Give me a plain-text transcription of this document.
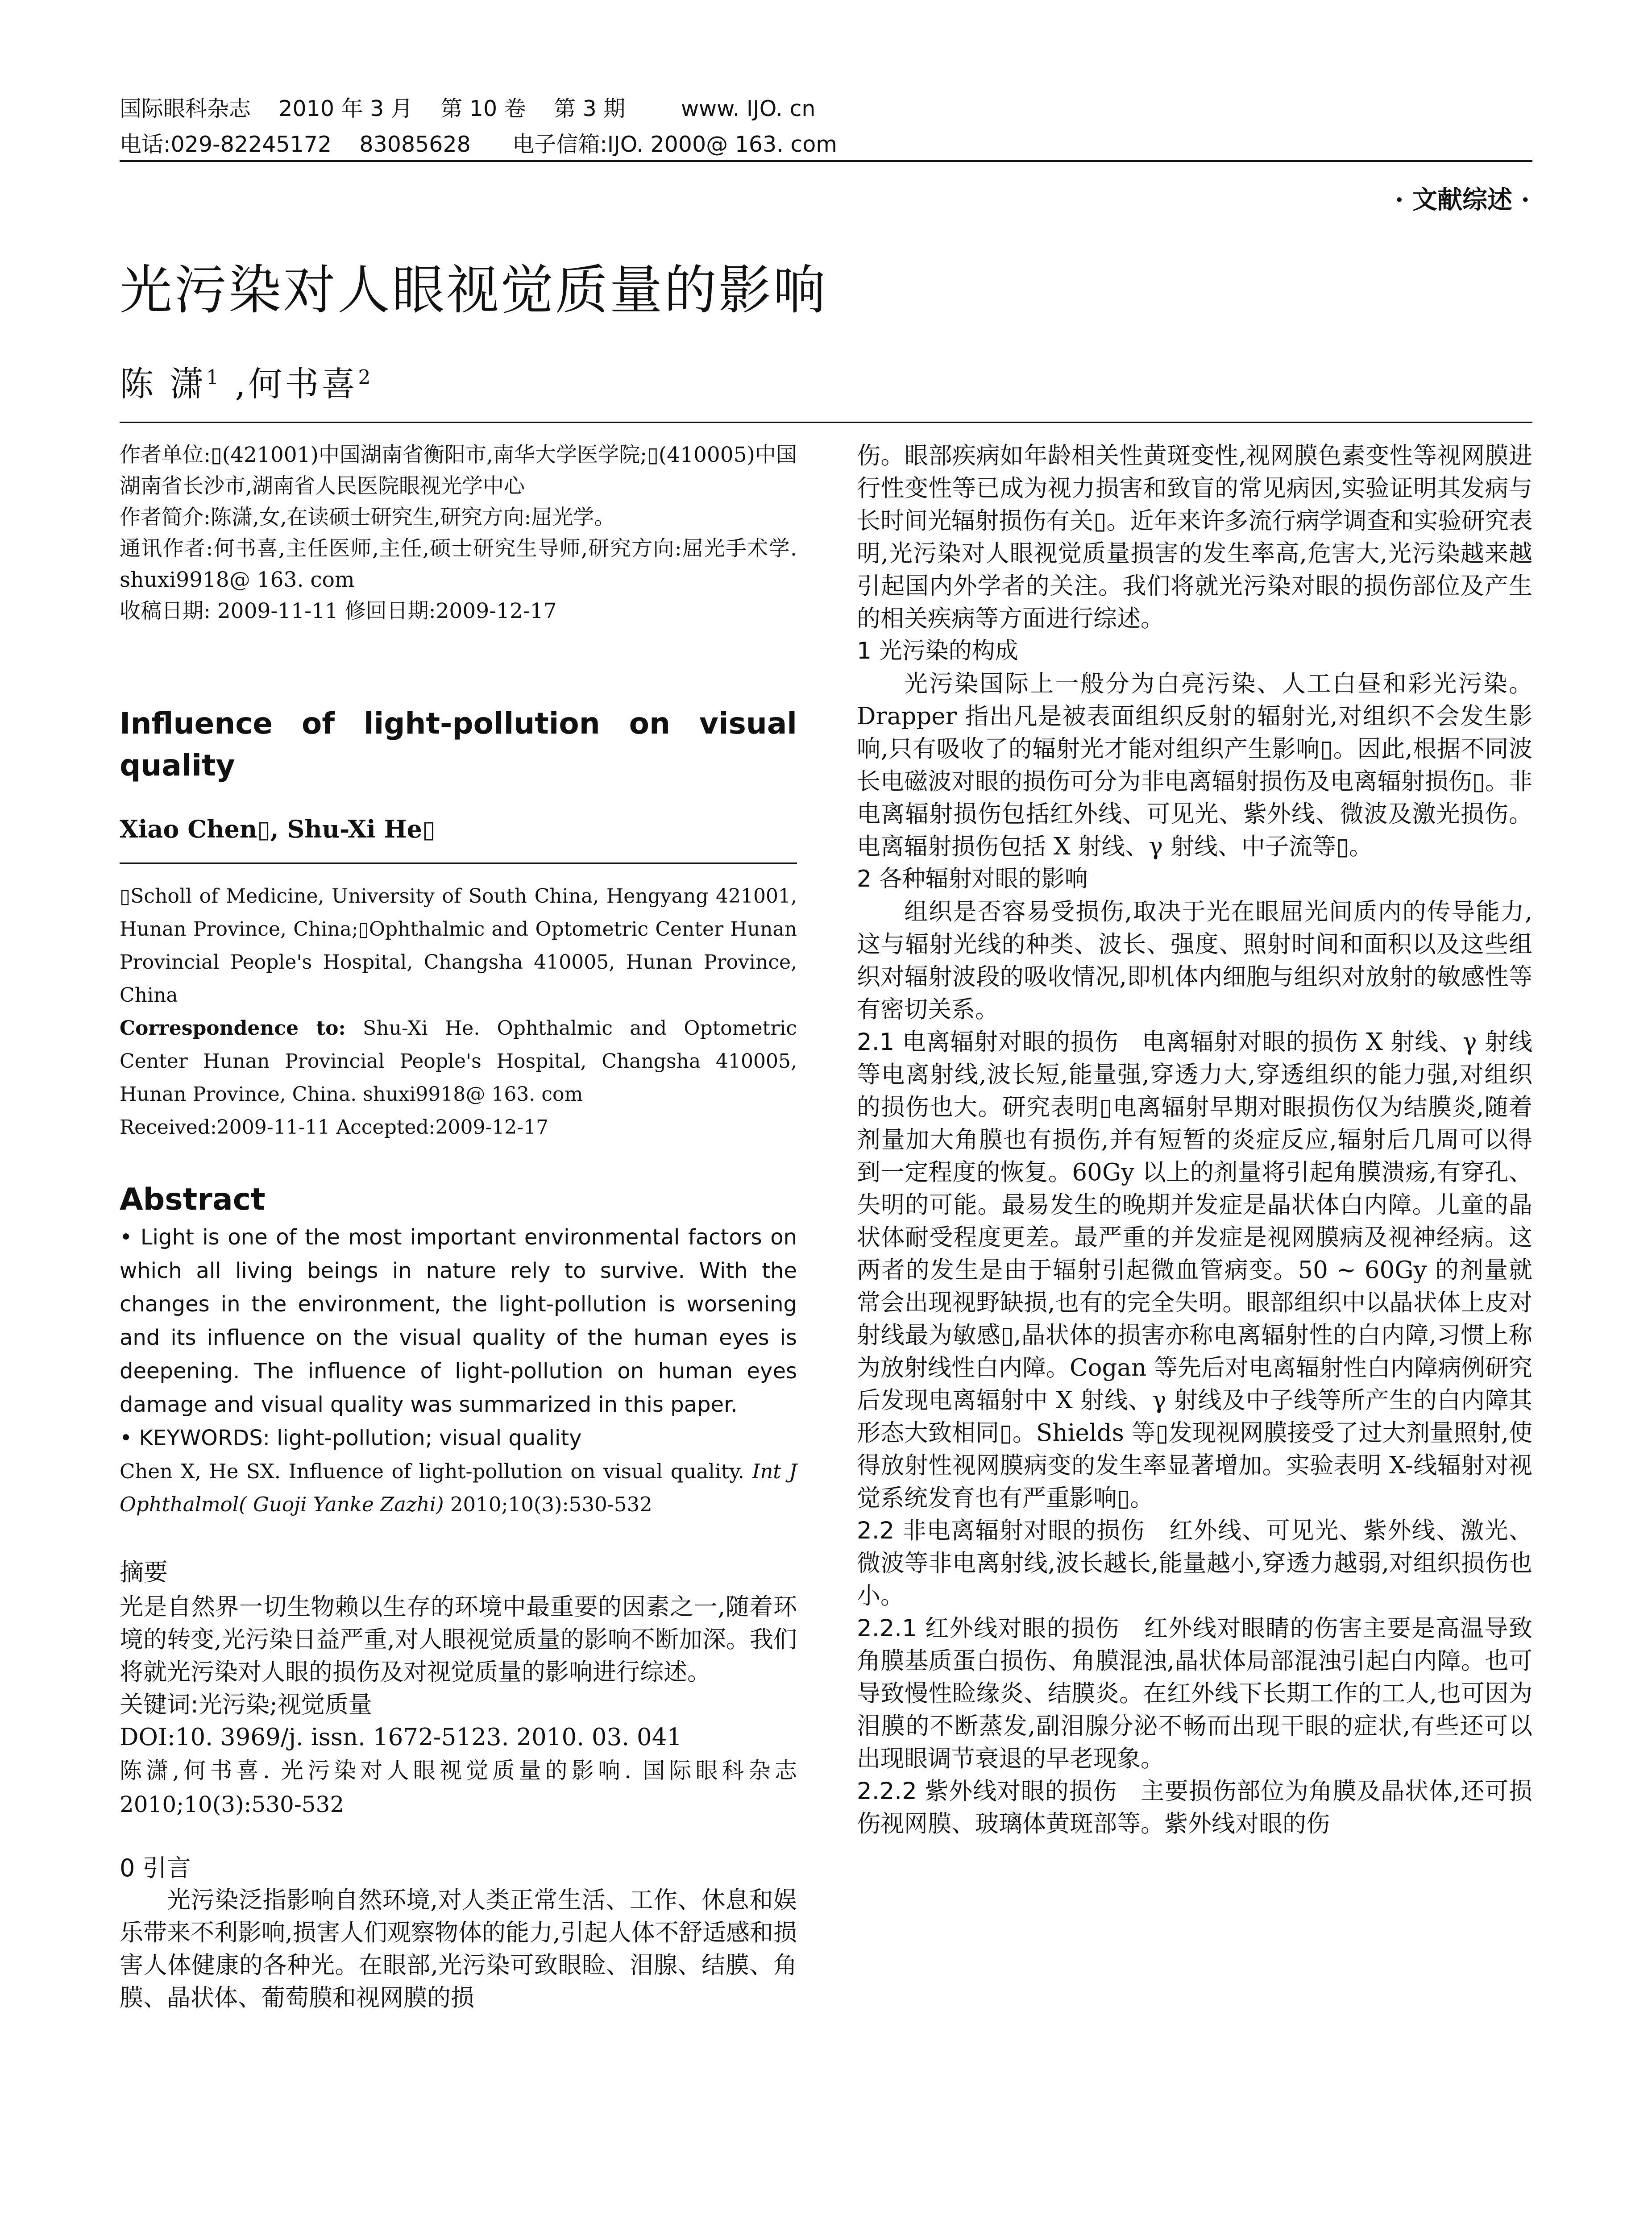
国际眼科杂志    2010 年 3 月    第 10 卷    第 3 期        www. IJO. cn
电话:029-82245172    83085628      电子信箱:IJO. 2000@ 163. com
· 文献综述 ·
光污染对人眼视觉质量的影响
陈 潇$^1$ ,何书喜$^2$

作者单位:▯(421001)中国湖南省衡阳市,南华大学医学院;▯(410005)中国湖南省长沙市,湖南省人民医院眼视光学中心

作者简介:陈潇,女,在读硕士研究生,研究方向:屈光学。

通讯作者:何书喜,主任医师,主任,硕士研究生导师,研究方向:屈光手术学. shuxi9918@ 163. com

收稿日期: 2009-11-11 修回日期:2009-12-17

Influence of light-pollution on visual quality
Xiao Chen▯, Shu-Xi He▯

▯Scholl of Medicine, University of South China, Hengyang 421001, Hunan Province, China;▯Ophthalmic and Optometric Center Hunan Provincial People's Hospital, Changsha 410005, Hunan Province, China

Correspondence to: Shu-Xi He. Ophthalmic and Optometric Center Hunan Provincial People's Hospital, Changsha 410005, Hunan Province, China. shuxi9918@ 163. com

Received:2009-11-11 Accepted:2009-12-17

Abstract

• Light is one of the most important environmental factors on which all living beings in nature rely to survive. With the changes in the environment, the light-pollution is worsening and its influence on the visual quality of the human eyes is deepening. The influence of light-pollution on human eyes damage and visual quality was summarized in this paper.

• KEYWORDS: light-pollution; visual quality

Chen X, He SX. Influence of light-pollution on visual quality. Int J Ophthalmol( Guoji Yanke Zazhi) 2010;10(3):530-532

摘要

光是自然界一切生物赖以生存的环境中最重要的因素之一,随着环境的转变,光污染日益严重,对人眼视觉质量的影响不断加深。我们将就光污染对人眼的损伤及对视觉质量的影响进行综述。

关键词:光污染;视觉质量

DOI:10. 3969/j. issn. 1672-5123. 2010. 03. 041

陈潇,何书喜. 光污染对人眼视觉质量的影响. 国际眼科杂志 2010;10(3):530-532

0 引言

光污染泛指影响自然环境,对人类正常生活、工作、休息和娱乐带来不利影响,损害人们观察物体的能力,引起人体不舒适感和损害人体健康的各种光。在眼部,光污染可致眼睑、泪腺、结膜、角膜、晶状体、葡萄膜和视网膜的损

伤。眼部疾病如年龄相关性黄斑变性,视网膜色素变性等视网膜进行性变性等已成为视力损害和致盲的常见病因,实验证明其发病与长时间光辐射损伤有关▯。近年来许多流行病学调查和实验研究表明,光污染对人眼视觉质量损害的发生率高,危害大,光污染越来越引起国内外学者的关注。我们将就光污染对眼的损伤部位及产生的相关疾病等方面进行综述。

1 光污染的构成

光污染国际上一般分为白亮污染、人工白昼和彩光污染。Drapper 指出凡是被表面组织反射的辐射光,对组织不会发生影响,只有吸收了的辐射光才能对组织产生影响▯。因此,根据不同波长电磁波对眼的损伤可分为非电离辐射损伤及电离辐射损伤▯。非电离辐射损伤包括红外线、可见光、紫外线、微波及激光损伤。电离辐射损伤包括 X 射线、γ 射线、中子流等▯。

2 各种辐射对眼的影响

组织是否容易受损伤,取决于光在眼屈光间质内的传导能力,这与辐射光线的种类、波长、强度、照射时间和面积以及这些组织对辐射波段的吸收情况,即机体内细胞与组织对放射的敏感性等有密切关系。

2.1 电离辐射对眼的损伤 电离辐射对眼的损伤 X 射线、γ 射线等电离射线,波长短,能量强,穿透力大,穿透组织的能力强,对组织的损伤也大。研究表明▯电离辐射早期对眼损伤仅为结膜炎,随着剂量加大角膜也有损伤,并有短暂的炎症反应,辐射后几周可以得到一定程度的恢复。60Gy 以上的剂量将引起角膜溃疡,有穿孔、失明的可能。最易发生的晚期并发症是晶状体白内障。儿童的晶状体耐受程度更差。最严重的并发症是视网膜病及视神经病。这两者的发生是由于辐射引起微血管病变。50 ~ 60Gy 的剂量就常会出现视野缺损,也有的完全失明。眼部组织中以晶状体上皮对射线最为敏感▯,晶状体的损害亦称电离辐射性的白内障,习惯上称为放射线性白内障。Cogan 等先后对电离辐射性白内障病例研究后发现电离辐射中 X 射线、γ 射线及中子线等所产生的白内障其形态大致相同▯。Shields 等▯发现视网膜接受了过大剂量照射,使得放射性视网膜病变的发生率显著增加。实验表明 X-线辐射对视觉系统发育也有严重影响▯。

2.2 非电离辐射对眼的损伤 红外线、可见光、紫外线、激光、微波等非电离射线,波长越长,能量越小,穿透力越弱,对组织损伤也小。

2.2.1 红外线对眼的损伤 红外线对眼睛的伤害主要是高温导致角膜基质蛋白损伤、角膜混浊,晶状体局部混浊引起白内障。也可导致慢性睑缘炎、结膜炎。在红外线下长期工作的工人,也可因为泪膜的不断蒸发,副泪腺分泌不畅而出现干眼的症状,有些还可以出现眼调节衰退的早老现象。

2.2.2 紫外线对眼的损伤 主要损伤部位为角膜及晶状体,还可损伤视网膜、玻璃体黄斑部等。紫外线对眼的伤
